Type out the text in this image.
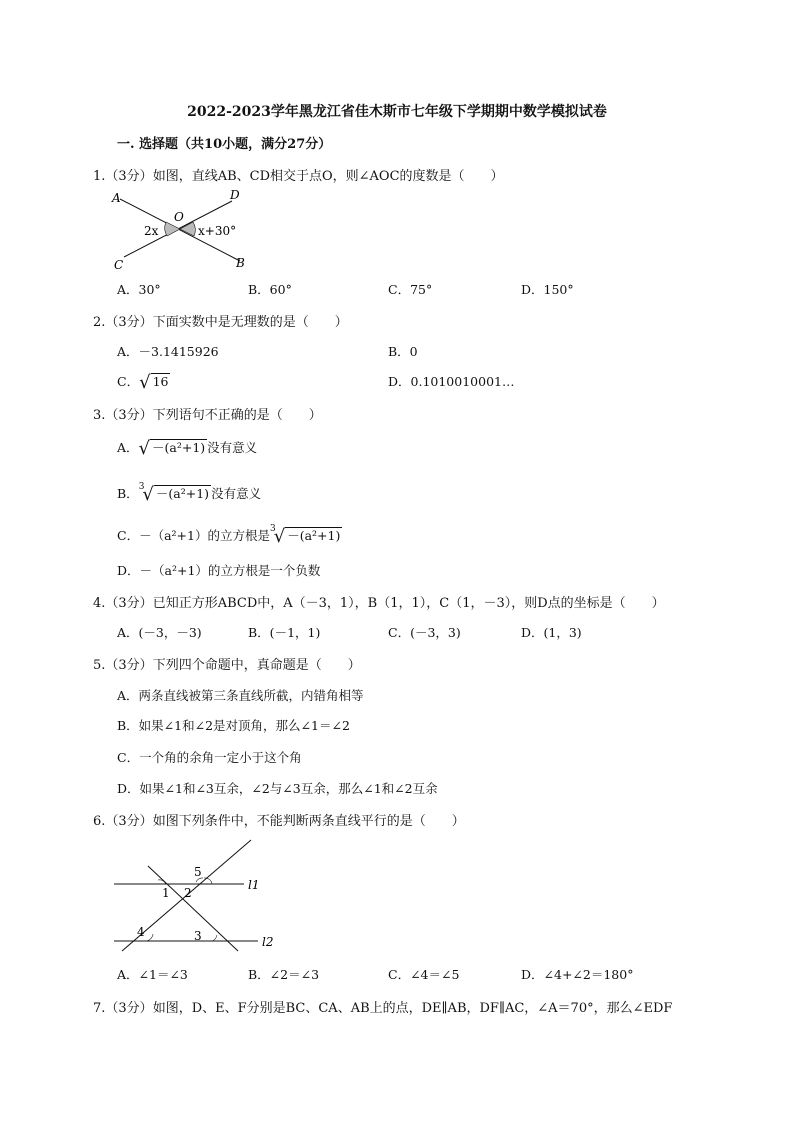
2022-2023学年黑龙江省佳木斯市七年级下学期期中数学模拟试卷
一. 选择题（共10小题，满分27分）
1.（3分）如图，直线AB、CD相交于点O，则∠AOC的度数是（　　）
A	D
O
2x	x+30°
C	B
A．30°	B．60°	C．75°	D．150°
2.（3分）下面实数中是无理数的是（　　）
A．－3.1415926	B．0
C．√ 16	D．0.1010010001…
3.（3分）下列语句不正确的是（　　）
A．√ －(a²+1) 没有意义
B．$^3$√ －(a²+1) 没有意义
C．－（a²+1）的立方根是$^3$√ －(a²+1)
D．－（a²+1）的立方根是一个负数
4.（3分）已知正方形ABCD中，A（－3，1），B（1，1），C（1，－3），则D点的坐标是（　　）
A．(－3，－3)	B．(－1，1)	C．(－3，3)	D．(1，3)
5.（3分）下列四个命题中，真命题是（　　）
A．两条直线被第三条直线所截，内错角相等
B．如果∠1和∠2是对顶角，那么∠1＝∠2
C．一个角的余角一定小于这个角
D．如果∠1和∠3互余，∠2与∠3互余，那么∠1和∠2互余
6.（3分）如图下列条件中，不能判断两条直线平行的是（　　）
5
1 2
4	3
l1
l2
A．∠1＝∠3	B．∠2＝∠3	C．∠4＝∠5	D．∠4+∠2＝180°
7.（3分）如图，D、E、F分别是BC、CA、AB上的点，DE∥AB，DF∥AC，∠A＝70°，那么∠EDF
